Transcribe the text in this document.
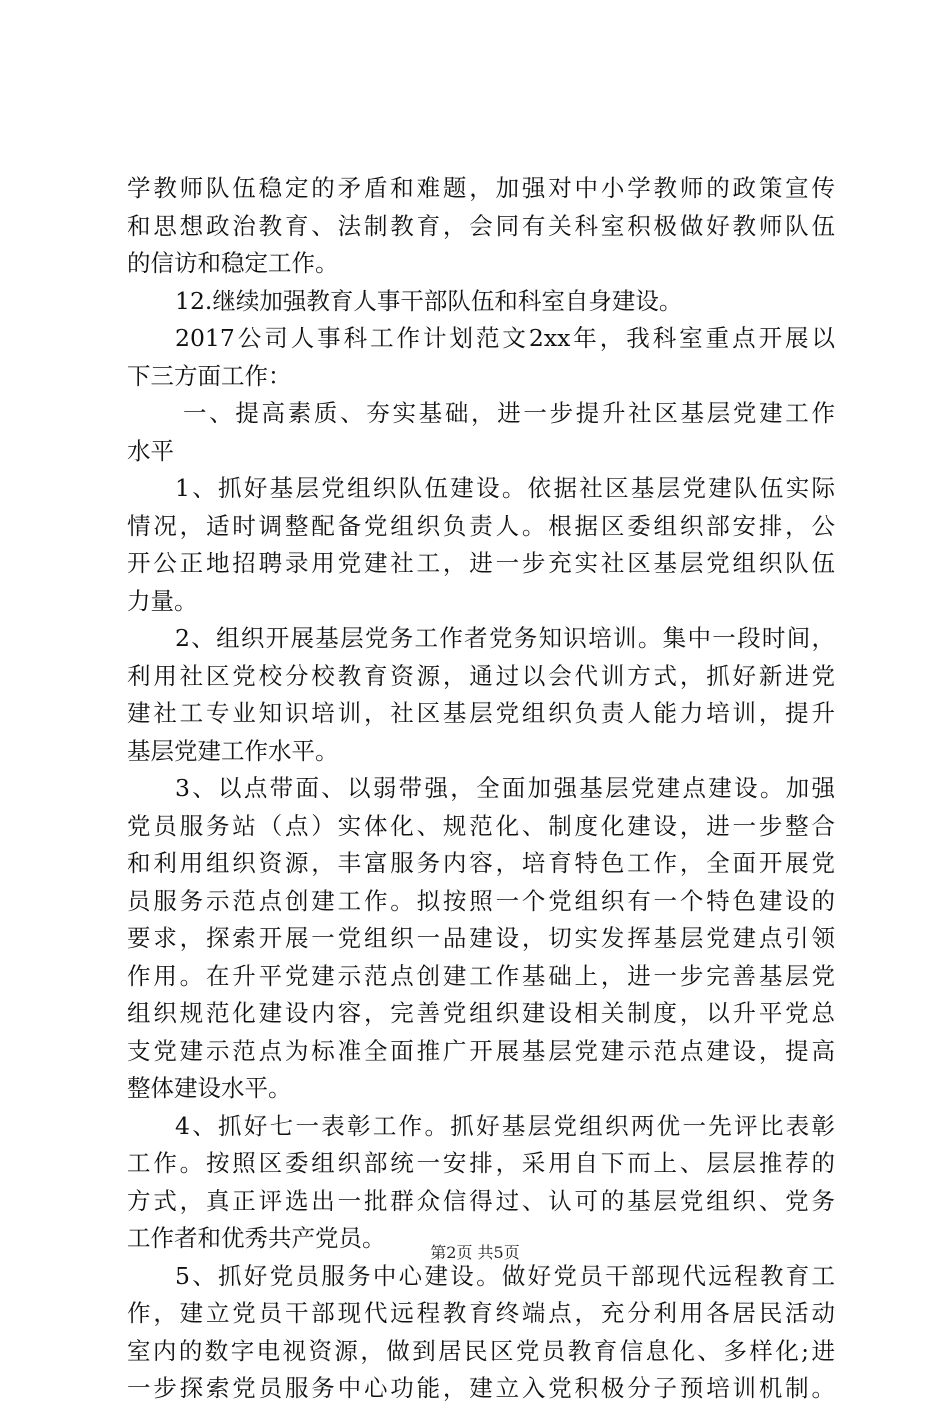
学教师队伍稳定的矛盾和难题，加强对中小学教师的政策宣传
和思想政治教育、法制教育，会同有关科室积极做好教师队伍
的信访和稳定工作。
12.继续加强教育人事干部队伍和科室自身建设。
2017公司人事科工作计划范文2xx年，我科室重点开展以
下三方面工作：
一、提高素质、夯实基础，进一步提升社区基层党建工作
水平
1、抓好基层党组织队伍建设。依据社区基层党建队伍实际
情况，适时调整配备党组织负责人。根据区委组织部安排，公
开公正地招聘录用党建社工，进一步充实社区基层党组织队伍
力量。
2、组织开展基层党务工作者党务知识培训。集中一段时间，
利用社区党校分校教育资源，通过以会代训方式，抓好新进党
建社工专业知识培训，社区基层党组织负责人能力培训，提升
基层党建工作水平。
3、以点带面、以弱带强，全面加强基层党建点建设。加强
党员服务站（点）实体化、规范化、制度化建设，进一步整合
和利用组织资源，丰富服务内容，培育特色工作，全面开展党
员服务示范点创建工作。拟按照一个党组织有一个特色建设的
要求，探索开展一党组织一品建设，切实发挥基层党建点引领
作用。在升平党建示范点创建工作基础上，进一步完善基层党
组织规范化建设内容，完善党组织建设相关制度，以升平党总
支党建示范点为标准全面推广开展基层党建示范点建设，提高
整体建设水平。
4、抓好七一表彰工作。抓好基层党组织两优一先评比表彰
工作。按照区委组织部统一安排，采用自下而上、层层推荐的
方式，真正评选出一批群众信得过、认可的基层党组织、党务
工作者和优秀共产党员。
5、抓好党员服务中心建设。做好党员干部现代远程教育工
作，建立党员干部现代远程教育终端点，充分利用各居民活动
室内的数字电视资源，做到居民区党员教育信息化、多样化;进
一步探索党员服务中心功能，建立入党积极分子预培训机制。
第2页 共5页
